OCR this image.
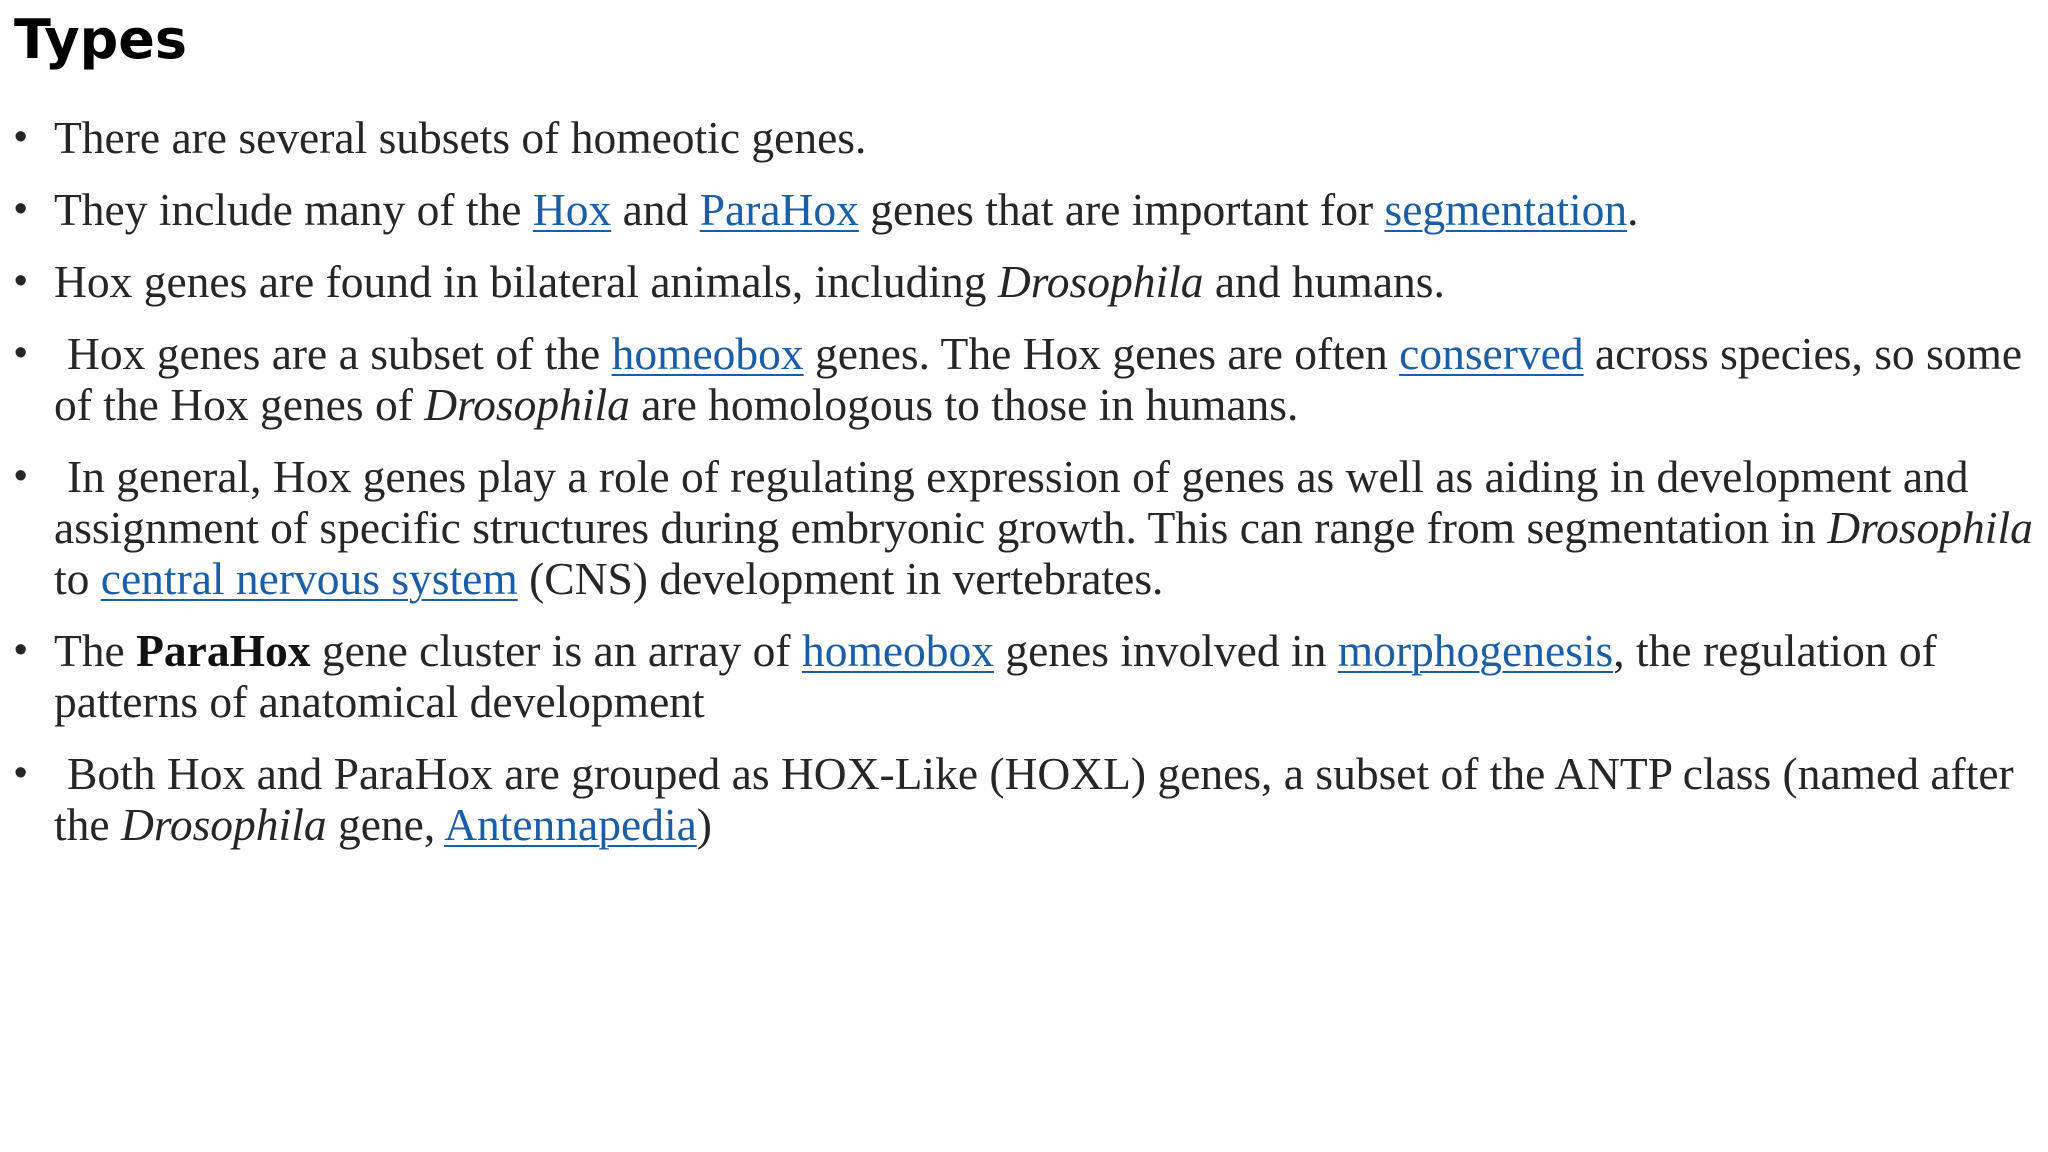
Types
• There are several subsets of homeotic genes.
• They include many of the Hox and ParaHox genes that are important for segmentation.
• Hox genes are found in bilateral animals, including Drosophila and humans.
• Hox genes are a subset of the homeobox genes. The Hox genes are often conserved across species, so some of the Hox genes of Drosophila are homologous to those in humans.
• In general, Hox genes play a role of regulating expression of genes as well as aiding in development and assignment of specific structures during embryonic growth. This can range from segmentation in Drosophila to central nervous system (CNS) development in vertebrates.
• The ParaHox gene cluster is an array of homeobox genes involved in morphogenesis, the regulation of patterns of anatomical development
• Both Hox and ParaHox are grouped as HOX-Like (HOXL) genes, a subset of the ANTP class (named after the Drosophila gene, Antennapedia)
